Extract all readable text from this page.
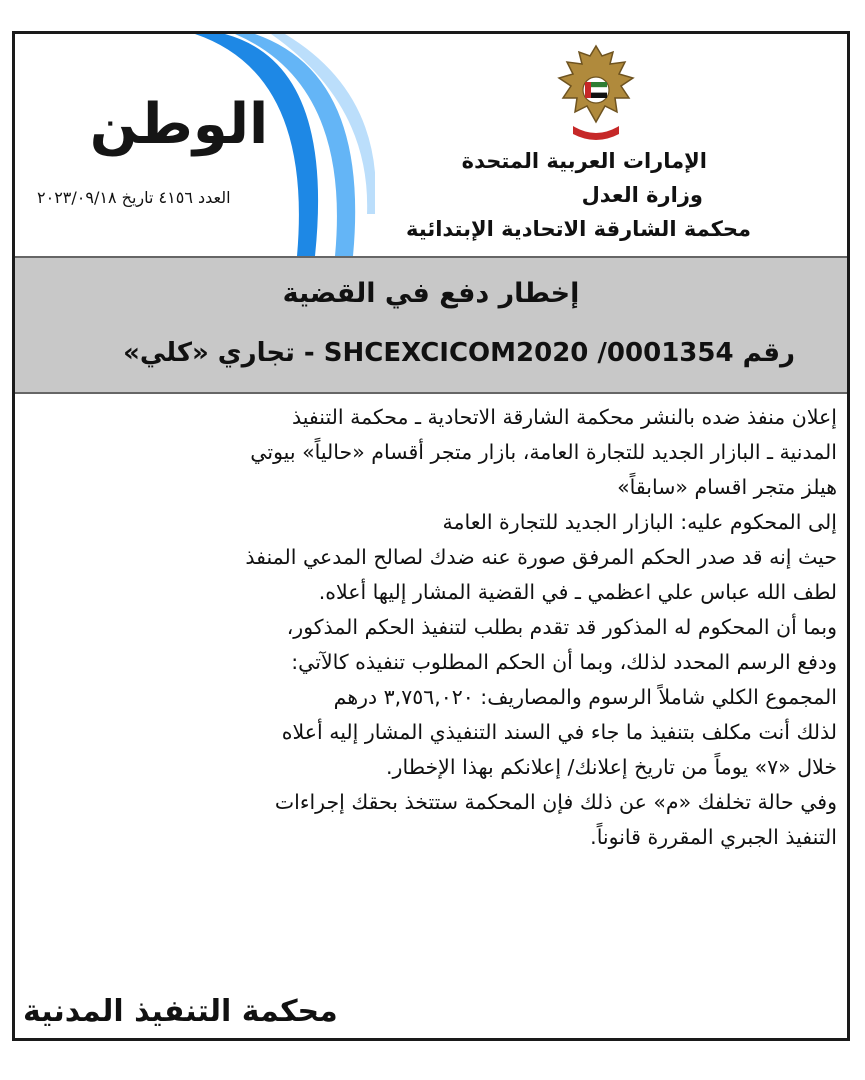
الإمارات العربية المتحدة
وزارة العدل
محكمة الشارقة الاتحادية الإبتدائية
الوطن
العدد ٤١٥٦ تاريخ ٢٠٢٣/٠٩/١٨
إخطار دفع في القضية
رقم SHCEXCICOM2020 /0001354 - تجاري «كلي»

إعلان منفذ ضده بالنشر محكمة الشارقة الاتحادية ـ محكمة التنفيذ

المدنية ـ البازار الجديد للتجارة العامة، بازار متجر أقسام «حالياً» بيوتي

هيلز متجر اقسام «سابقاً»

إلى المحكوم عليه: البازار الجديد للتجارة العامة

حيث إنه قد صدر الحكم المرفق صورة عنه ضدك لصالح المدعي المنفذ

لطف الله عباس علي اعظمي ـ في القضية المشار إليها أعلاه.

وبما أن المحكوم له المذكور قد تقدم بطلب لتنفيذ الحكم المذكور،

ودفع الرسم المحدد لذلك، وبما أن الحكم المطلوب تنفيذه كالآتي:

المجموع الكلي شاملاً الرسوم والمصاريف: ٣,٧٥٦,٠٢٠ درهم

لذلك أنت مكلف بتنفيذ ما جاء في السند التنفيذي المشار إليه أعلاه

خلال «٧» يوماً من تاريخ إعلانك/ إعلانكم بهذا الإخطار.

وفي حالة تخلفك «م» عن ذلك فإن المحكمة ستتخذ بحقك إجراءات

التنفيذ الجبري المقررة قانوناً.

محكمة التنفيذ المدنية
